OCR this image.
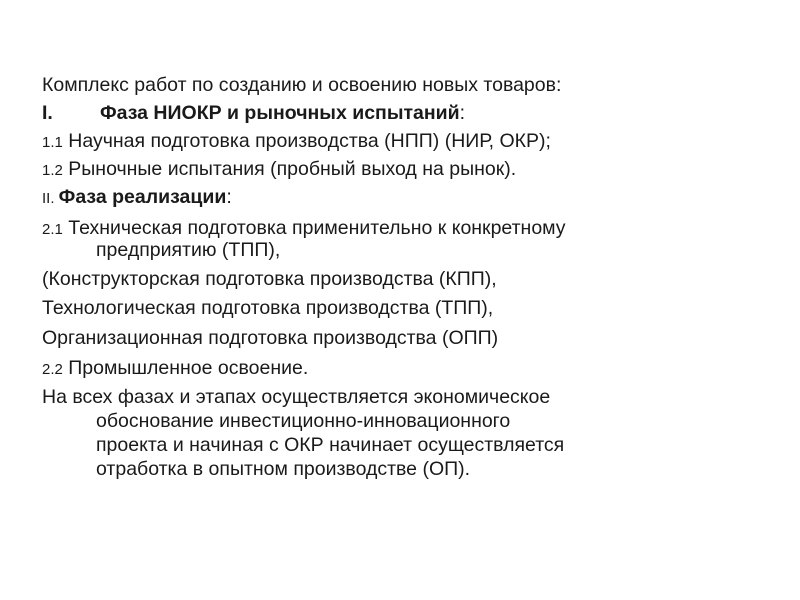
Комплекс работ по созданию и освоению новых товаров:
I. Фаза НИОКР и рыночных испытаний:
1.1 Научная подготовка производства (НПП) (НИР, ОКР);
1.2 Рыночные испытания (пробный выход на рынок).
II. Фаза реализации:
2.1 Техническая подготовка применительно к конкретному
предприятию (ТПП),
(Конструкторская подготовка производства (КПП),
Технологическая подготовка производства (ТПП),
Организационная подготовка производства (ОПП)
2.2 Промышленное освоение.
На всех фазах и этапах осуществляется экономическое
обоснование инвестиционно-инновационного
проекта и начиная с ОКР начинает осуществляется
отработка в опытном производстве (ОП).
